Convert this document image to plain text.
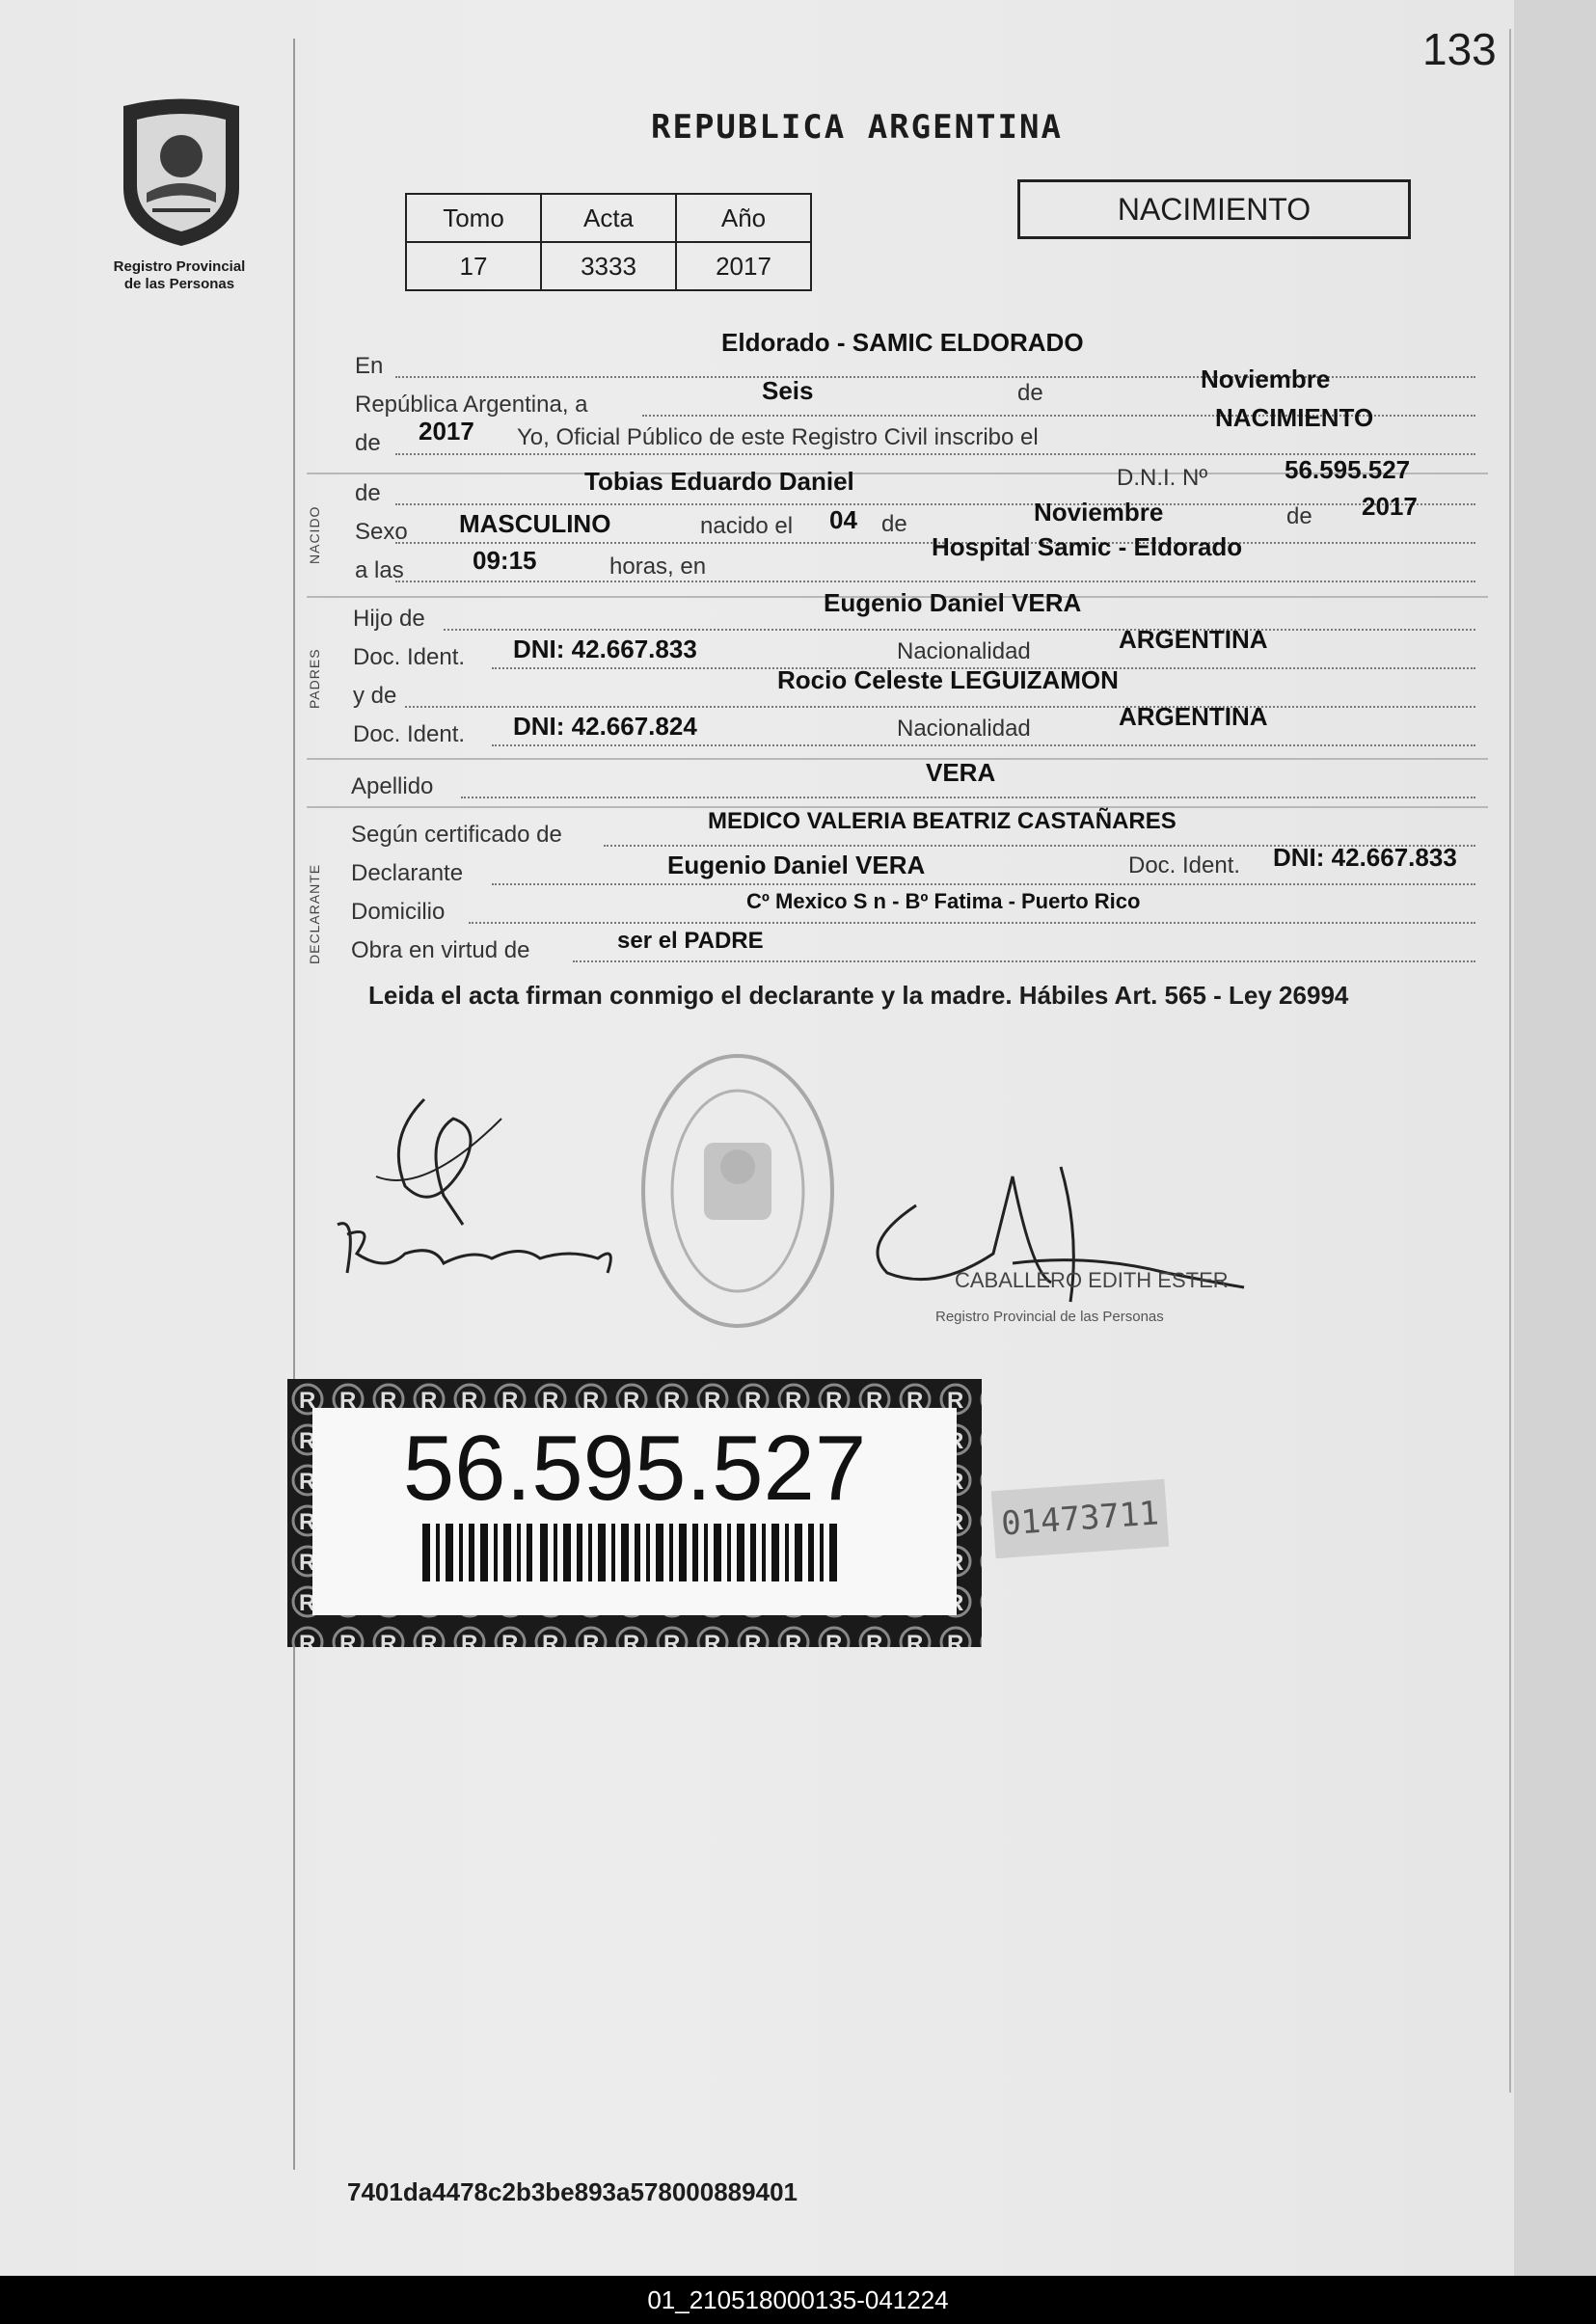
133
Registro Provincial
de las Personas
REPUBLICA ARGENTINA
Tomo	Acta	Año
17	3333	2017
NACIMIENTO
En
Eldorado - SAMIC ELDORADO
República Argentina, a	Seis	de	Noviembre
de 2017 Yo, Oficial Público de este Registro Civil inscribo el
NACIMIENTO
NACIDO
de	Tobias Eduardo Daniel	D.N.I. Nº	56.595.527
Sexo MASCULINO	nacido el 04 de	Noviembre	de 2017
a las	09:15	horas, en
Hospital Samic - Eldorado
PADRES
Hijo de
Eugenio Daniel VERA
Doc. Ident. DNI: 42.667.833	Nacionalidad	ARGENTINA
y de
Rocio Celeste LEGUIZAMON
Doc. Ident. DNI: 42.667.824	Nacionalidad	ARGENTINA
Apellido	VERA
DECLARANTE
Según certificado de
MEDICO VALERIA BEATRIZ CASTAÑARES
Declarante	Eugenio Daniel VERA	Doc. Ident. DNI: 42.667.833
Domicilio	Cº Mexico S n - Bº Fatima - Puerto Rico
Obra en virtud de	ser el PADRE
Leida el acta firman conmigo el declarante y la madre. Hábiles Art. 565 - Ley 26994
CABALLERO EDITH ESTER
Registro Provincial de las Personas
56.595.527	01473711
7401da4478c2b3be893a578000889401
01_210518000135-041224
